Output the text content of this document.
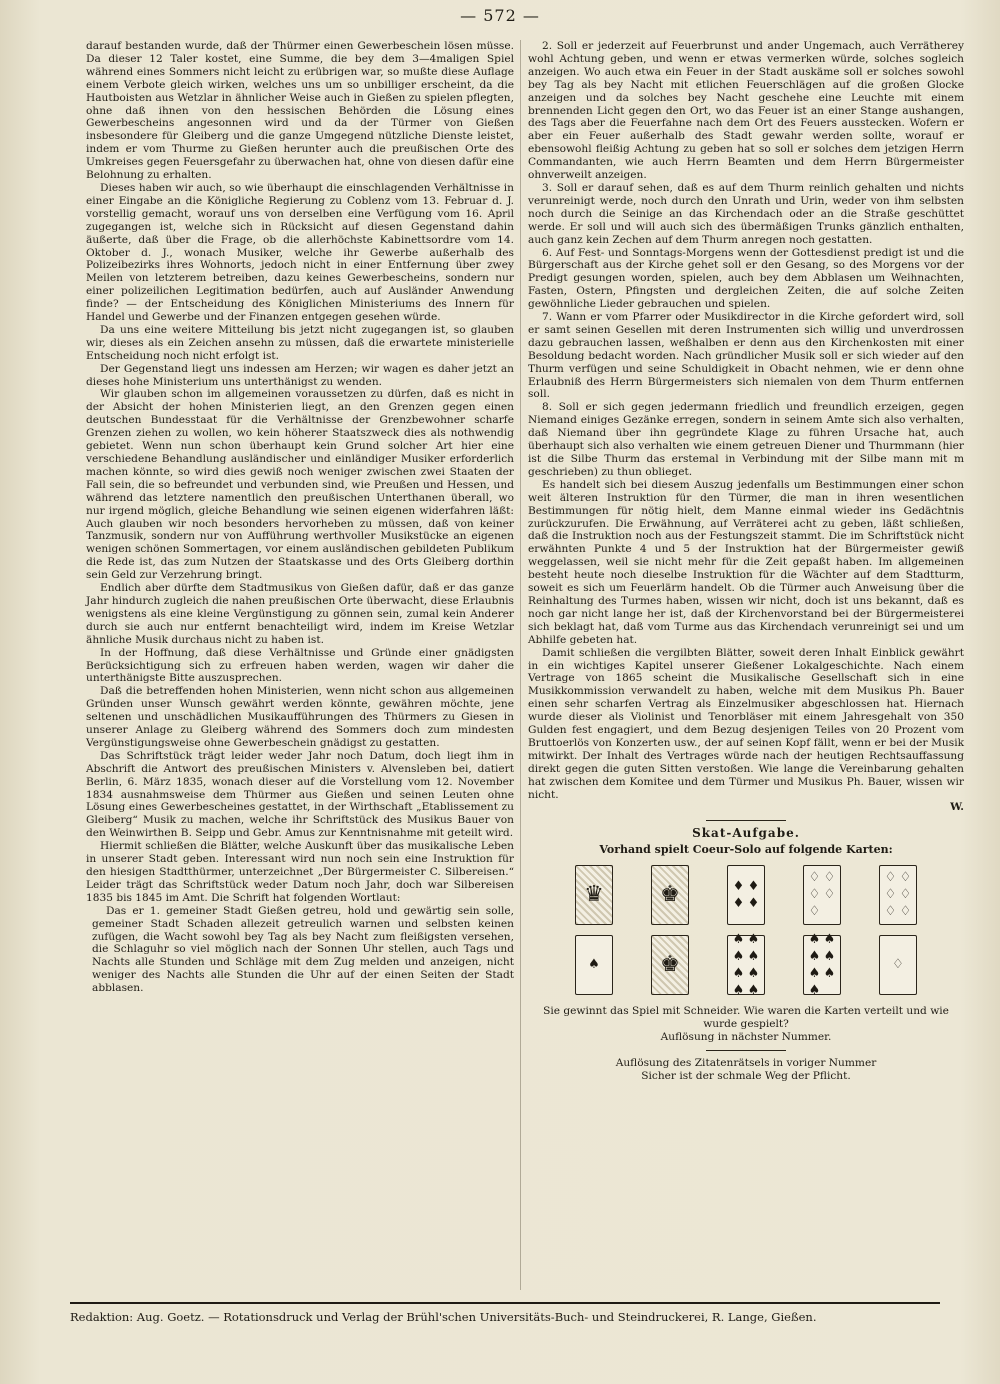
— 572 —

darauf bestanden wurde, daß der Thürmer einen Gewerbeschein lösen müsse. Da dieser 12 Taler kostet, eine Summe, die bey dem 3—4maligen Spiel während eines Sommers nicht leicht zu erübrigen war, so mußte diese Auflage einem Verbote gleich wirken, welches uns um so unbilliger erscheint, da die Hautboisten aus Wetzlar in ähnlicher Weise auch in Gießen zu spielen pflegten, ohne daß ihnen von den hessischen Behörden die Lösung eines Gewerbescheins angesonnen wird und da der Türmer von Gießen insbesondere für Gleiberg und die ganze Umgegend nützliche Dienste leistet, indem er vom Thurme zu Gießen herunter auch die preußischen Orte des Umkreises gegen Feuersgefahr zu überwachen hat, ohne von diesen dafür eine Belohnung zu erhalten.

Dieses haben wir auch, so wie überhaupt die einschlagenden Verhältnisse in einer Eingabe an die Königliche Regierung zu Coblenz vom 13. Februar d. J. vorstellig gemacht, worauf uns von derselben eine Verfügung vom 16. April zugegangen ist, welche sich in Rücksicht auf diesen Gegenstand dahin äußerte, daß über die Frage, ob die allerhöchste Kabinettsordre vom 14. Oktober d. J., wonach Musiker, welche ihr Gewerbe außerhalb des Polizeibezirks ihres Wohnorts, jedoch nicht in einer Entfernung über zwey Meilen von letzterem betreiben, dazu keines Gewerbescheins, sondern nur einer polizeilichen Legitimation bedürfen, auch auf Ausländer Anwendung finde? — der Entscheidung des Königlichen Ministeriums des Innern für Handel und Gewerbe und der Finanzen entgegen gesehen würde.

Da uns eine weitere Mitteilung bis jetzt nicht zugegangen ist, so glauben wir, dieses als ein Zeichen ansehn zu müssen, daß die erwartete ministerielle Entscheidung noch nicht erfolgt ist.

Der Gegenstand liegt uns indessen am Herzen; wir wagen es daher jetzt an dieses hohe Ministerium uns unterthänigst zu wenden.

Wir glauben schon im allgemeinen voraussetzen zu dürfen, daß es nicht in der Absicht der hohen Ministerien liegt, an den Grenzen gegen einen deutschen Bundesstaat für die Verhältnisse der Grenzbewohner scharfe Grenzen ziehen zu wollen, wo kein höherer Staatszweck dies als nothwendig gebietet. Wenn nun schon überhaupt kein Grund solcher Art hier eine verschiedene Behandlung ausländischer und einländiger Musiker erforderlich machen könnte, so wird dies gewiß noch weniger zwischen zwei Staaten der Fall sein, die so befreundet und verbunden sind, wie Preußen und Hessen, und während das letztere namentlich den preußischen Unterthanen überall, wo nur irgend möglich, gleiche Behandlung wie seinen eigenen widerfahren läßt: Auch glauben wir noch besonders hervorheben zu müssen, daß von keiner Tanzmusik, sondern nur von Aufführung werthvoller Musikstücke an eigenen wenigen schönen Sommertagen, vor einem ausländischen gebildeten Publikum die Rede ist, das zum Nutzen der Staatskasse und des Orts Gleiberg dorthin sein Geld zur Verzehrung bringt.

Endlich aber dürfte dem Stadtmusikus von Gießen dafür, daß er das ganze Jahr hindurch zugleich die nahen preußischen Orte überwacht, diese Erlaubnis wenigstens als eine kleine Vergünstigung zu gönnen sein, zumal kein Anderer durch sie auch nur entfernt benachteiligt wird, indem im Kreise Wetzlar ähnliche Musik durchaus nicht zu haben ist.

In der Hoffnung, daß diese Verhältnisse und Gründe einer gnädigsten Berücksichtigung sich zu erfreuen haben werden, wagen wir daher die unterthänigste Bitte auszusprechen.

Daß die betreffenden hohen Ministerien, wenn nicht schon aus allgemeinen Gründen unser Wunsch gewährt werden könnte, gewähren möchte, jene seltenen und unschädlichen Musikaufführungen des Thürmers zu Giesen in unserer Anlage zu Gleiberg während des Sommers doch zum mindesten Vergünstigungsweise ohne Gewerbeschein gnädigst zu gestatten.

Das Schriftstück trägt leider weder Jahr noch Datum, doch liegt ihm in Abschrift die Antwort des preußischen Ministers v. Alvensleben bei, datiert Berlin, 6. März 1835, wonach dieser auf die Vorstellung vom 12. November 1834 ausnahmsweise dem Thürmer aus Gießen und seinen Leuten ohne Lösung eines Gewerbescheines gestattet, in der Wirthschaft „Etablissement zu Gleiberg“ Musik zu machen, welche ihr Schriftstück des Musikus Bauer von den Weinwirthen B. Seipp und Gebr. Amus zur Kenntnisnahme mit geteilt wird.

Hiermit schließen die Blätter, welche Auskunft über das musikalische Leben in unserer Stadt geben. Interessant wird nun noch sein eine Instruktion für den hiesigen Stadtthürmer, unterzeichnet „Der Bürgermeister C. Silbereisen.“ Leider trägt das Schriftstück weder Datum noch Jahr, doch war Silbereisen 1835 bis 1845 im Amt. Die Schrift hat folgenden Wortlaut:

Das er 1. gemeiner Stadt Gießen getreu, hold und gewärtig sein solle, gemeiner Stadt Schaden allezeit getreulich warnen und selbsten keinen zufügen, die Wacht sowohl bey Tag als bey Nacht zum fleißigsten versehen, die Schlaguhr so viel möglich nach der Sonnen Uhr stellen, auch Tags und Nachts alle Stunden und Schläge mit dem Zug melden und anzeigen, nicht weniger des Nachts alle Stunden die Uhr auf der einen Seiten der Stadt abblasen.

2. Soll er jederzeit auf Feuerbrunst und ander Ungemach, auch Verrätherey wohl Achtung geben, und wenn er etwas vermerken würde, solches sogleich anzeigen. Wo auch etwa ein Feuer in der Stadt auskäme soll er solches sowohl bey Tag als bey Nacht mit etlichen Feuerschlägen auf die großen Glocke anzeigen und da solches bey Nacht geschehe eine Leuchte mit einem brennenden Licht gegen den Ort, wo das Feuer ist an einer Stange aushangen, des Tags aber die Feuerfahne nach dem Ort des Feuers ausstecken. Wofern er aber ein Feuer außerhalb des Stadt gewahr werden sollte, worauf er ebensowohl fleißig Achtung zu geben hat so soll er solches dem jetzigen Herrn Commandanten, wie auch Herrn Beamten und dem Herrn Bürgermeister ohnverweilt anzeigen.

3. Soll er darauf sehen, daß es auf dem Thurm reinlich gehalten und nichts verunreinigt werde, noch durch den Unrath und Urin, weder von ihm selbsten noch durch die Seinige an das Kirchendach oder an die Straße geschüttet werde. Er soll und will auch sich des übermäßigen Trunks gänzlich enthalten, auch ganz kein Zechen auf dem Thurm anregen noch gestatten.

6. Auf Fest- und Sonntags-Morgens wenn der Gottesdienst predigt ist und die Bürgerschaft aus der Kirche gehet soll er den Gesang, so des Morgens vor der Predigt gesungen worden, spielen, auch bey dem Abblasen um Weihnachten, Fasten, Ostern, Pfingsten und dergleichen Zeiten, die auf solche Zeiten gewöhnliche Lieder gebrauchen und spielen.

7. Wann er vom Pfarrer oder Musikdirector in die Kirche gefordert wird, soll er samt seinen Gesellen mit deren Instrumenten sich willig und unverdrossen dazu gebrauchen lassen, weßhalben er denn aus den Kirchenkosten mit einer Besoldung bedacht worden. Nach gründlicher Musik soll er sich wieder auf den Thurm verfügen und seine Schuldigkeit in Obacht nehmen, wie er denn ohne Erlaubniß des Herrn Bürgermeisters sich niemalen von dem Thurm entfernen soll.

8. Soll er sich gegen jedermann friedlich und freundlich erzeigen, gegen Niemand einiges Gezänke erregen, sondern in seinem Amte sich also verhalten, daß Niemand über ihn gegründete Klage zu führen Ursache hat, auch überhaupt sich also verhalten wie einem getreuen Diener und Thurmmann (hier ist die Silbe Thurm das erstemal in Verbindung mit der Silbe mann mit m geschrieben) zu thun oblieget.

Es handelt sich bei diesem Auszug jedenfalls um Bestimmungen einer schon weit älteren Instruktion für den Türmer, die man in ihren wesentlichen Bestimmungen für nötig hielt, dem Manne einmal wieder ins Gedächtnis zurückzurufen. Die Erwähnung, auf Verräterei acht zu geben, läßt schließen, daß die Instruktion noch aus der Festungszeit stammt. Die im Schriftstück nicht erwähnten Punkte 4 und 5 der Instruktion hat der Bürgermeister gewiß weggelassen, weil sie nicht mehr für die Zeit gepaßt haben. Im allgemeinen besteht heute noch dieselbe Instruktion für die Wächter auf dem Stadtturm, soweit es sich um Feuerlärm handelt. Ob die Türmer auch Anweisung über die Reinhaltung des Turmes haben, wissen wir nicht, doch ist uns bekannt, daß es noch gar nicht lange her ist, daß der Kirchenvorstand bei der Bürgermeisterei sich beklagt hat, daß vom Turme aus das Kirchendach verunreinigt sei und um Abhilfe gebeten hat.

Damit schließen die vergilbten Blätter, soweit deren Inhalt Einblick gewährt in ein wichtiges Kapitel unserer Gießener Lokalgeschichte. Nach einem Vertrage von 1865 scheint die Musikalische Gesellschaft sich in eine Musikkommission verwandelt zu haben, welche mit dem Musikus Ph. Bauer einen sehr scharfen Vertrag als Einzelmusiker abgeschlossen hat. Hiernach wurde dieser als Violinist und Tenorbläser mit einem Jahresgehalt von 350 Gulden fest engagiert, und dem Bezug desjenigen Teiles von 20 Prozent vom Bruttoerlös von Konzerten usw., der auf seinen Kopf fällt, wenn er bei der Musik mitwirkt. Der Inhalt des Vertrages würde nach der heutigen Rechtsauffassung direkt gegen die guten Sitten verstoßen. Wie lange die Vereinbarung gehalten hat zwischen dem Komitee und dem Türmer und Musikus Ph. Bauer, wissen wir nicht.

W.
Skat-Aufgabe.
Vorhand spielt Coeur-Solo auf folgende Karten:
♛	♚	♦ ♦
♦ ♦
♢ ♢
♢ ♢
♢
♢ ♢
♢ ♢
♢ ♢
♠	♚
♠ ♠
♠ ♠
♠ ♠
♠ ♠
♠ ♠
♠ ♠
♠ ♠
♠
♢
Sie gewinnt das Spiel mit Schneider. Wie waren die Karten verteilt und wie wurde gespielt?
Auflösung in nächster Nummer.
Auflösung des Zitatenrätsels in voriger Nummer
Sicher ist der schmale Weg der Pflicht.
Redaktion: Aug. Goetz. — Rotationsdruck und Verlag der Brühl'schen Universitäts-Buch- und Steindruckerei, R. Lange, Gießen.
